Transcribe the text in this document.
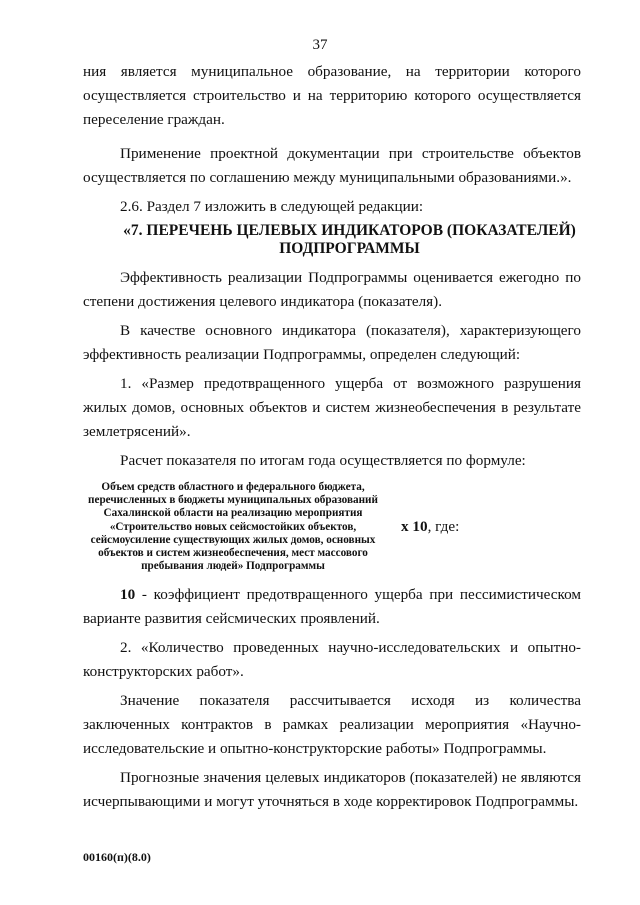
37

ния является муниципальное образование, на территории которого осуществляется строительство и на территорию которого осуществляется переселение граждан.

Применение проектной документации при строительстве объектов осуществляется по соглашению между муниципальными образованиями.».

2.6. Раздел 7 изложить в следующей редакции:

«7. ПЕРЕЧЕНЬ ЦЕЛЕВЫХ ИНДИКАТОРОВ (ПОКАЗАТЕЛЕЙ) ПОДПРОГРАММЫ

Эффективность реализации Подпрограммы оценивается ежегодно по степени достижения целевого индикатора (показателя).

В качестве основного индикатора (показателя), характеризующего эффективность реализации Подпрограммы, определен следующий:

1. «Размер предотвращенного ущерба от возможного разрушения жилых домов, основных объектов и систем жизнеобеспечения в результате землетрясений».

Расчет показателя по итогам года осуществляется по формуле:

Объем средств областного и федерального бюджета, перечисленных в бюджеты муниципальных образований Сахалинской области на реализацию мероприятия «Строительство новых сейсмостойких объектов, сейсмоусиление существующих жилых домов, основных объектов и систем жизнеобеспечения, мест массового пребывания людей» Подпрограммы
х 10, где:

10 - коэффициент предотвращенного ущерба при пессимистическом варианте развития сейсмических проявлений.

2. «Количество проведенных научно-исследовательских и опытно-конструкторских работ».

Значение показателя рассчитывается исходя из количества заключенных контрактов в рамках реализации мероприятия «Научно-исследовательские и опытно-конструкторские работы» Подпрограммы.

Прогнозные значения целевых индикаторов (показателей) не являются исчерпывающими и могут уточняться в ходе корректировок Подпрограммы.

00160(п)(8.0)
